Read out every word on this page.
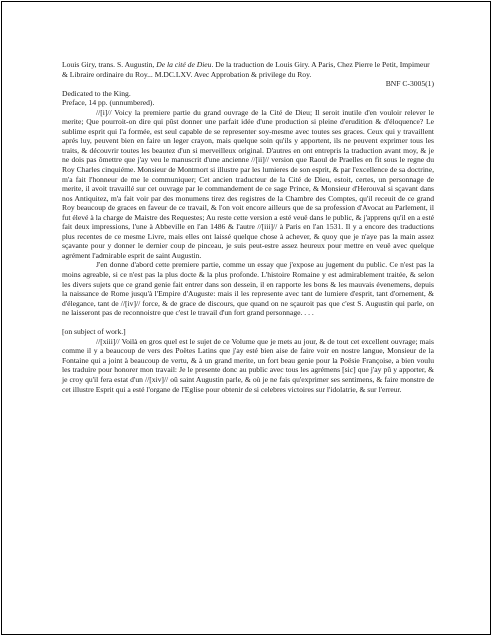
Louis Giry, trans. S. Augustin, De la cité de Dieu. De la traduction de Louis Giry. A Paris, Chez Pierre le Petit, Impimeur & Libraire ordinaire du Roy... M.DC.LXV. Avec Approbation & privilege du Roy.

BNF C-3005(1)

Dedicated to the King.

Preface, 14 pp. (unnumbered).

//[i]// Voicy la premiere partie du grand ouvrage de la Cité de Dieu; Il seroit inutile d'en vouloir relever le merite; Que pourroit-on dire qui pûst donner une parfait idée d'une production si pleine d'erudition & d'éloquence? Le sublime esprit qui l'a formée, est seul capable de se representer soy-mesme avec toutes ses graces. Ceux qui y travaillent aprés luy, peuvent bien en faire un leger crayon, mais quelque soin qu'ils y apportent, ils ne peuvent exprimer tous les traits, & découvrir toutes les beautez d'un si merveilleux original. D'autres en ont entrepris la traduction avant moy, & je ne dois pas ômettre que j'ay veu le manuscrit d'une ancienne //[ii]// version que Raoul de Praelles en fit sous le regne du Roy Charles cinquiéme. Monsieur de Montmort si illustre par les lumieres de son esprit, & par l'excellence de sa doctrine, m'a fait l'honneur de me le communiquer; Cet ancien traducteur de la Cité de Dieu, estoit, certes, un personnage de merite, il avoit travaillé sur cet ouvrage par le commandement de ce sage Prince, & Monsieur d'Herouval si sçavant dans nos Antiquitez, m'a fait voir par des monumens tirez des registres de la Chambre des Comptes, qu'il receuit de ce grand Roy beaucoup de graces en faveur de ce travail, & l'on voit encore ailleurs que de sa profession d'Avocat au Parlement, il fut élevé à la charge de Maistre des Requestes; Au reste cette version a esté veuë dans le public, & j'apprens qu'il en a esté fait deux impressions, l'une à Abbeville en l'an 1486 & l'autre //[iii]// à Paris en l'an 1531. Il y a encore des traductions plus recentes de ce mesme Livre, mais elles ont laissé quelque chose à achever, & quoy que je n'aye pas la main assez sçavante pour y donner le dernier coup de pinceau, je suis peut-estre assez heureux pour mettre en veuë avec quelque agrément l'admirable esprit de saint Augustin.

J'en donne d'abord cette premiere partie, comme un essay que j'expose au jugement du public. Ce n'est pas la moins agreable, si ce n'est pas la plus docte & la plus profonde. L'histoire Romaine y est admirablement traitée, & selon les divers sujets que ce grand genie fait entrer dans son dessein, il en rapporte les bons & les mauvais évenemens, depuis la naissance de Rome jusqu'à l'Empire d'Auguste: mais il les represente avec tant de lumiere d'esprit, tant d'ornement, & d'élegance, tant de //[iv]// force, & de grace de discours, que quand on ne sçauroit pas que c'est S. Augustin qui parle, on ne laisseront pas de reconnoistre que c'est le travail d'un fort grand personnage. . . .

[on subject of work.]

//[xiii]// Voilà en gros quel est le sujet de ce Volume que je mets au jour, & de tout cet excellent ouvrage; mais comme il y a beaucoup de vers des Poëtes Latins que j'ay esté bien aise de faire voir en nostre langue, Monsieur de la Fontaine qui a joint à beaucoup de vertu, & à un grand merite, un fort beau genie pour la Poësie Françoise, a bien voulu les traduire pour honorer mon travail: Je le presente donc au public avec tous les agrémens [sic] que j'ay pû y apporter, & je croy qu'il fera estat d'un //[xiv]// oû saint Augustin parle, & où je ne fais qu'exprimer ses sentimens, & faire monstre de cet illustre Esprit qui a esté l'organe de l'Eglise pour obtenir de si celebres victoires sur l'idolatrie, & sur l'erreur.
